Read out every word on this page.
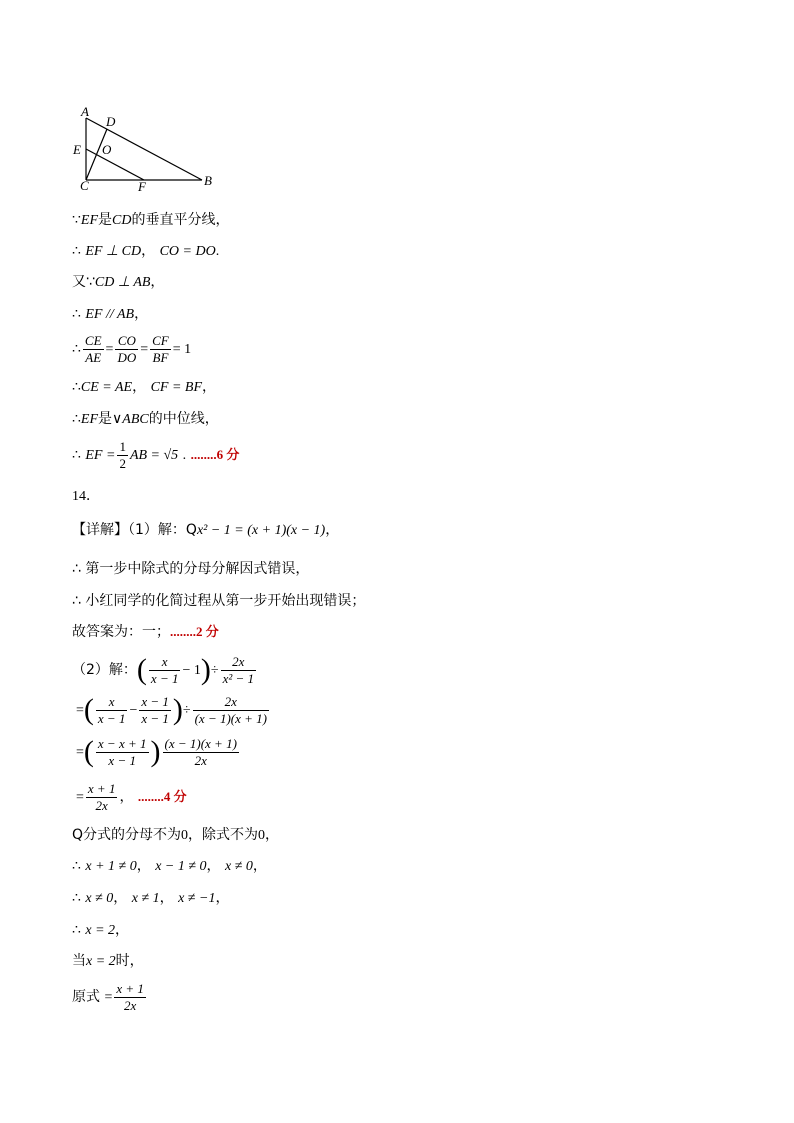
A
D
E O
C	F	B
∵EF是CD的垂直平分线，
∴ EF ⊥ CD， CO = DO.
又∵CD ⊥ AB，
∴ EF // AB，
∴ $\frac{CE}{AE} = \frac{CO}{DO} = \frac{CF}{BF} = 1$
∴CE = AE， CF = BF，
∴EF是∨ABC的中位线，
∴ EF = $\frac{1}{2}$ AB = √5 . ........6 分
14．
【详解】（1）解：Qx² − 1 = (x + 1)(x − 1)，
∴ 第一步中除式的分母分解因式错误，
∴ 小红同学的化简过程从第一步开始出现错误；
故答案为：一；........2 分
（2）解：( $\frac{x}{x - 1} - 1)\div \frac{2x}{\text{x² − 1}}$
=( $\frac{x}{x - 1} - \frac{x - 1}{x - 1}$ )÷ $\frac{2x}{(x - 1)(x + 1)}$
=( $\frac{x - x + 1}{x - 1}$ ) $\frac{(x - 1)(x + 1)}{2x}$
= $\frac{x + 1}{2x}$ ， ........4 分
Q分式的分母不为0，除式不为0，
∴ x + 1 ≠ 0， x − 1 ≠ 0， x ≠ 0，
∴ x ≠ 0， x ≠ 1， x ≠ −1，
∴ x = 2，
当x = 2时，
原式 = $\frac{x + 1}{2x}$
